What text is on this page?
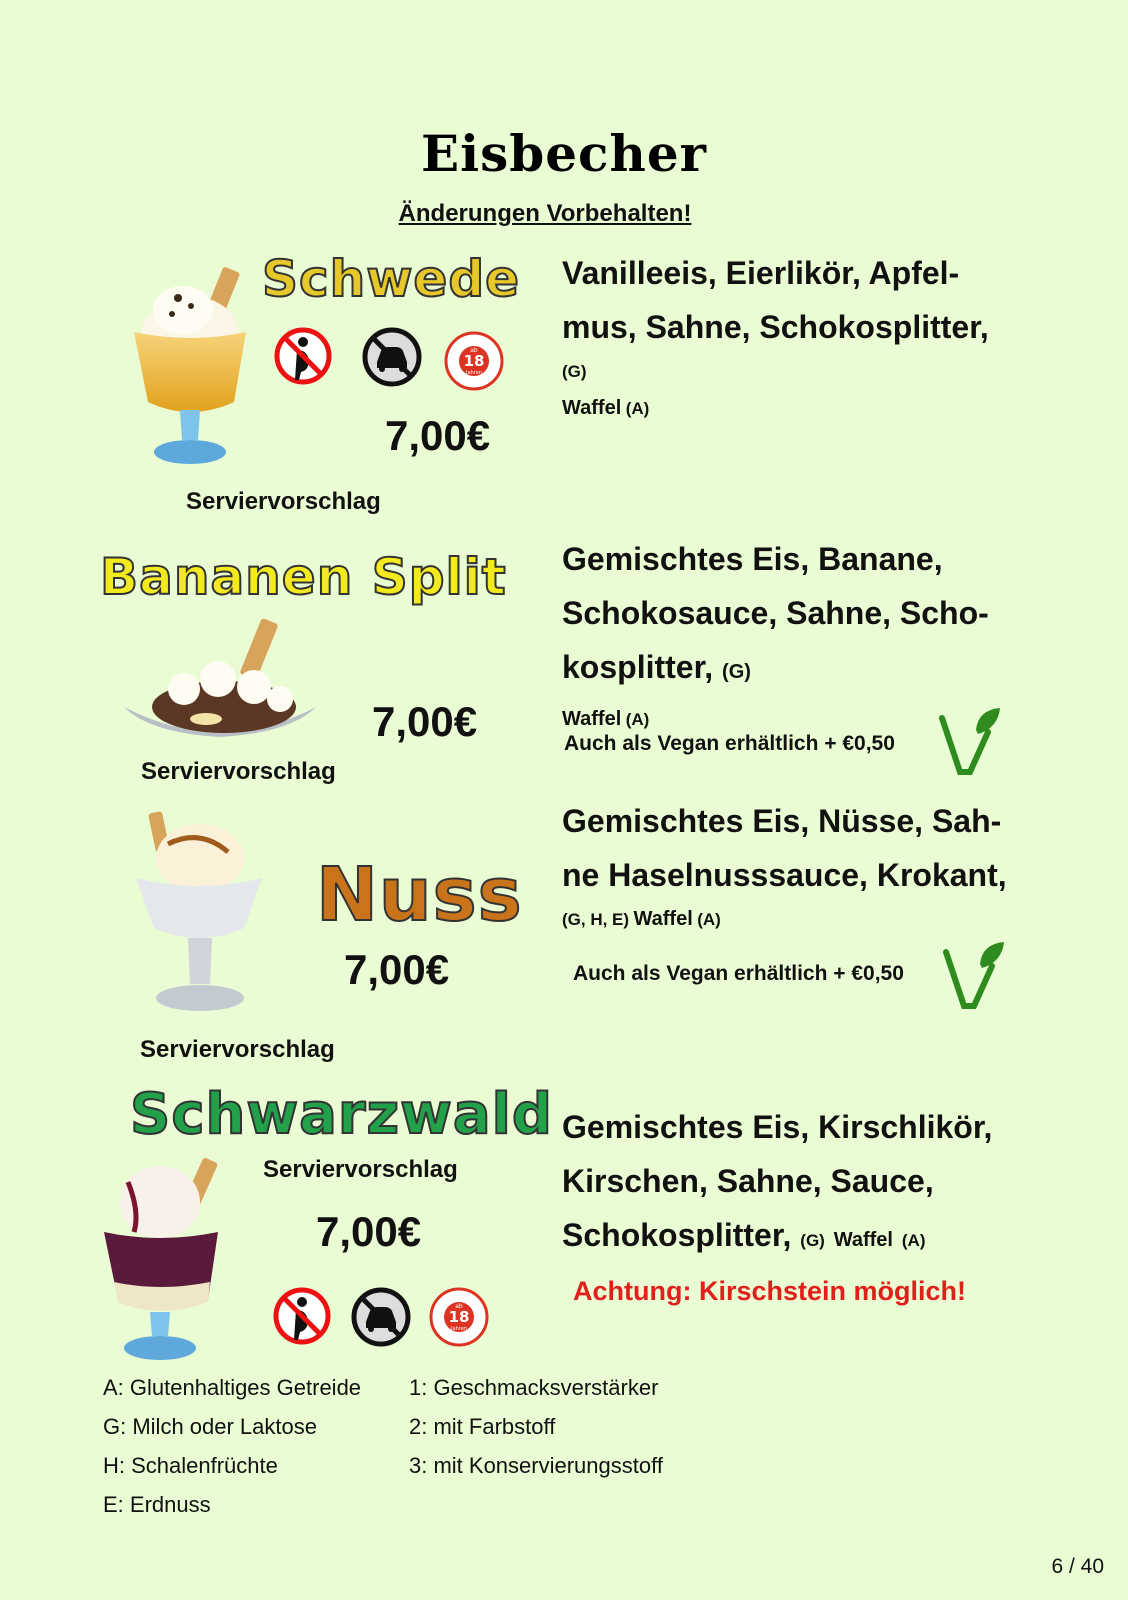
Eisbecher
Änderungen Vorbehalten!
Schwede
18
ab
Jahren
7,00€
Serviervorschlag
Vanilleeis, Eierlikör, Apfel-
mus, Sahne, Schokosplitter,
(G)
Waffel (A)
Bananen Split
7,00€
Serviervorschlag
Gemischtes Eis, Banane,
Schokosauce, Sahne, Scho-
kosplitter, (G)
Waffel (A)
Auch als Vegan erhältlich + €0,50
Nuss
7,00€
Serviervorschlag
Gemischtes Eis, Nüsse, Sah-
ne Haselnusssauce, Krokant,
(G, H, E) Waffel (A)
Auch als Vegan erhältlich + €0,50
Schwarzwald
Serviervorschlag
7,00€
18
ab
Jahren
Gemischtes Eis, Kirschlikör,
Kirschen, Sahne, Sauce,
Schokosplitter, (G) Waffel (A)
Achtung: Kirschstein möglich!
A: Glutenhaltiges Getreide
G: Milch oder Laktose
H: Schalenfrüchte
E: Erdnuss
1: Geschmacksverstärker
2: mit Farbstoff
3: mit Konservierungsstoff
6 / 40
